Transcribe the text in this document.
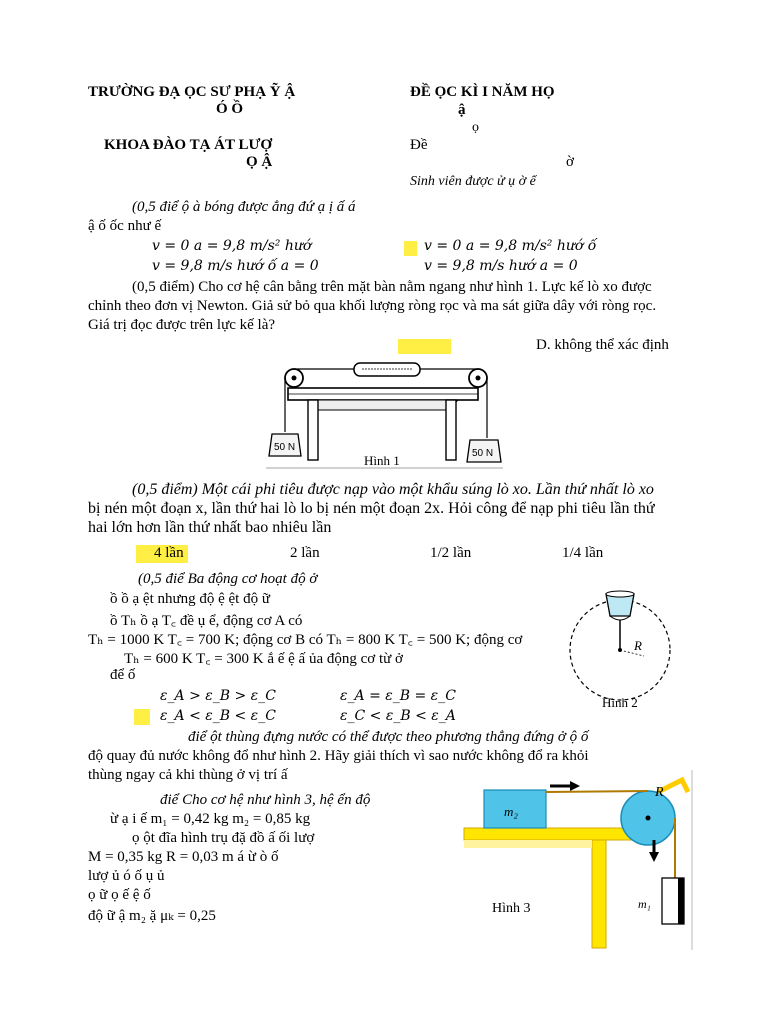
TRƯỜNG ĐẠ ỌC SƯ PHẠ Ỹ Ậ
Ó Ồ
ĐỀ ỌC KÌ I NĂM HỌ
ậ
ọ
KHOA ĐÀO TẠ ÁT LƯỢ
Ọ Ậ
Đề
ờ
Sinh viên được ử ụ ờ ể
(0,5 điể ộ à bóng được ẳng đứ ạ ị ấ á
ậ ố ốc như ế
v = 0 a = 9,8 m/s² hướ	v = 0 a = 9,8 m/s² hướ ố
v = 9,8 m/s hướ ố a = 0	v = 9,8 m/s hướ a = 0
(0,5 điểm) Cho cơ hệ cân bằng trên mặt bàn nằm ngang như hình 1. Lực kế lò xo được
chỉnh theo đơn vị Newton. Giả sử bỏ qua khối lượng ròng rọc và ma sát giữa dây với ròng rọc.
Giá trị đọc được trên lực kế là?
D. không thể xác định
50 N
50 N
Hình 1
(0,5 điểm) Một cái phi tiêu được nạp vào một khẩu súng lò xo. Lần thứ nhất lò xo
bị nén một đoạn x, lần thứ hai lò lo bị nén một đoạn 2x. Hỏi công để nạp phi tiêu lần thứ
hai lớn hơn lần thứ nhất bao nhiêu lần
4 lần	2 lần	1/2 lần	1/4 lần
(0,5 điể Ba động cơ hoạt độ ở
ồ ồ ạ ệt nhưng độ ệ ệt độ ữ
ồ Tₕ ồ ạ T꜀ đề ụ ể, động cơ A có
Tₕ = 1000 K T꜀ = 700 K; động cơ B có Tₕ = 800 K T꜀ = 500 K; động cơ
Tₕ = 600 K T꜀ = 300 K ắ ế ệ ấ ủa động cơ từ ở
để ố
ε_A > ε_B > ε_C	ε_A = ε_B = ε_C
ε_A < ε_B < ε_C	ε_C < ε_B < ε_A
R
Hình 2
điể ột thùng đựng nước có thể được theo phương thẳng đứng ở ộ ố
độ quay đủ nước không đổ như hình 2. Hãy giải thích vì sao nước không đổ ra khỏi
thùng ngay cả khi thùng ở vị trí ấ
điể Cho cơ hệ như hình 3, hệ ển độ
ừ ạ i ế m₁ = 0,42 kg m₂ = 0,85 kg
ọ ột đĩa hình trụ đặ đồ ấ ối lượ
M = 0,35 kg R = 0,03 m á ừ ò ố
lượ ủ ó ố ụ ủ
ọ ữ ọ ế ệ ố
độ ữ ậ m₂ ặ μₖ = 0,25
m₂
R
m₁
Hình 3
